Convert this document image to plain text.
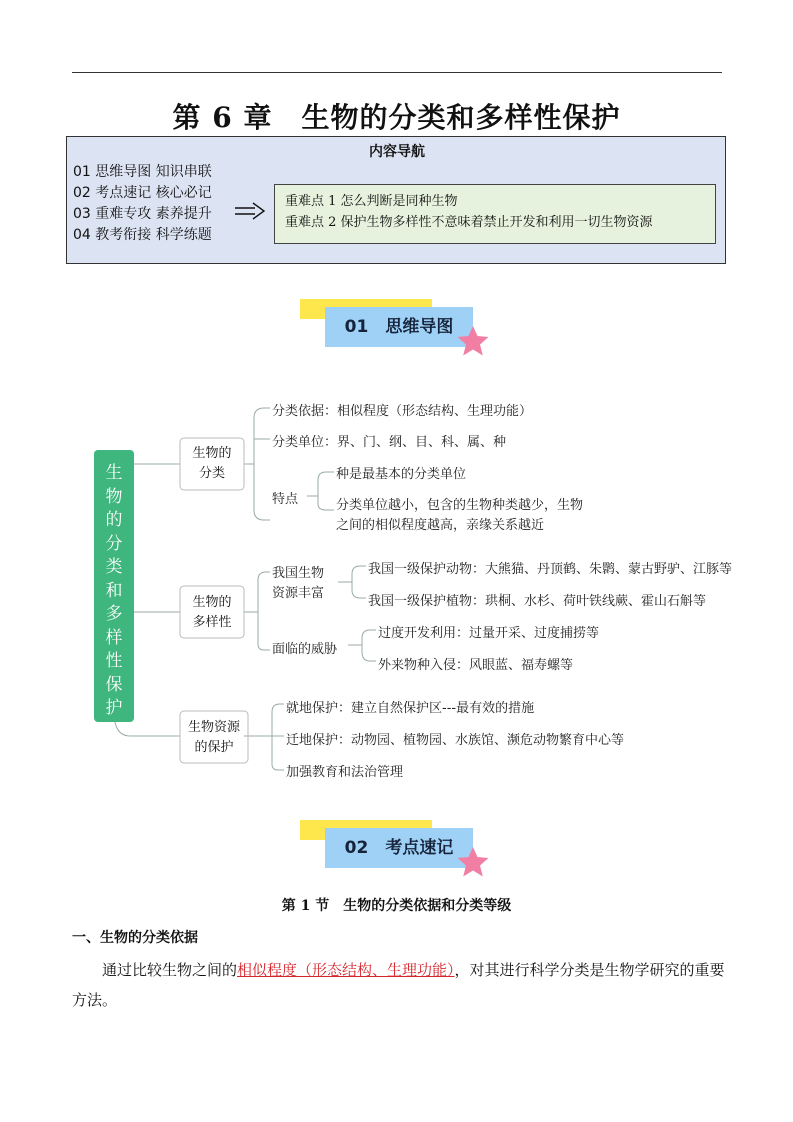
第 6 章　生物的分类和多样性保护
内容导航
01 思维导图 知识串联
02 考点速记 核心必记
03 重难专攻 素养提升
04 教考衔接 科学练题
重难点 1 怎么判断是同种生物
重难点 2 保护生物多样性不意味着禁止开发和利用一切生物资源
01　思维导图
生物的分类和多样性保护
生物的
分类
分类依据：相似程度（形态结构、生理功能）
分类单位：界、门、纲、目、科、属、种
特点
种是最基本的分类单位
分类单位越小，包含的生物种类越少，生物
之间的相似程度越高，亲缘关系越近
生物的
多样性
我国生物
资源丰富
我国一级保护动物：大熊猫、丹顶鹤、朱鹮、蒙古野驴、江豚等
我国一级保护植物：珙桐、水杉、荷叶铁线蕨、霍山石斛等
面临的威胁
过度开发利用：过量开采、过度捕捞等
外来物种入侵：风眼蓝、福寿螺等
生物资源
的保护
就地保护：建立自然保护区---最有效的措施
迁地保护：动物园、植物园、水族馆、濒危动物繁育中心等
加强教育和法治管理
02　考点速记
第 1 节　生物的分类依据和分类等级
一、生物的分类依据
通过比较生物之间的相似程度（形态结构、生理功能），对其进行科学分类是生物学研究的重要方法。
